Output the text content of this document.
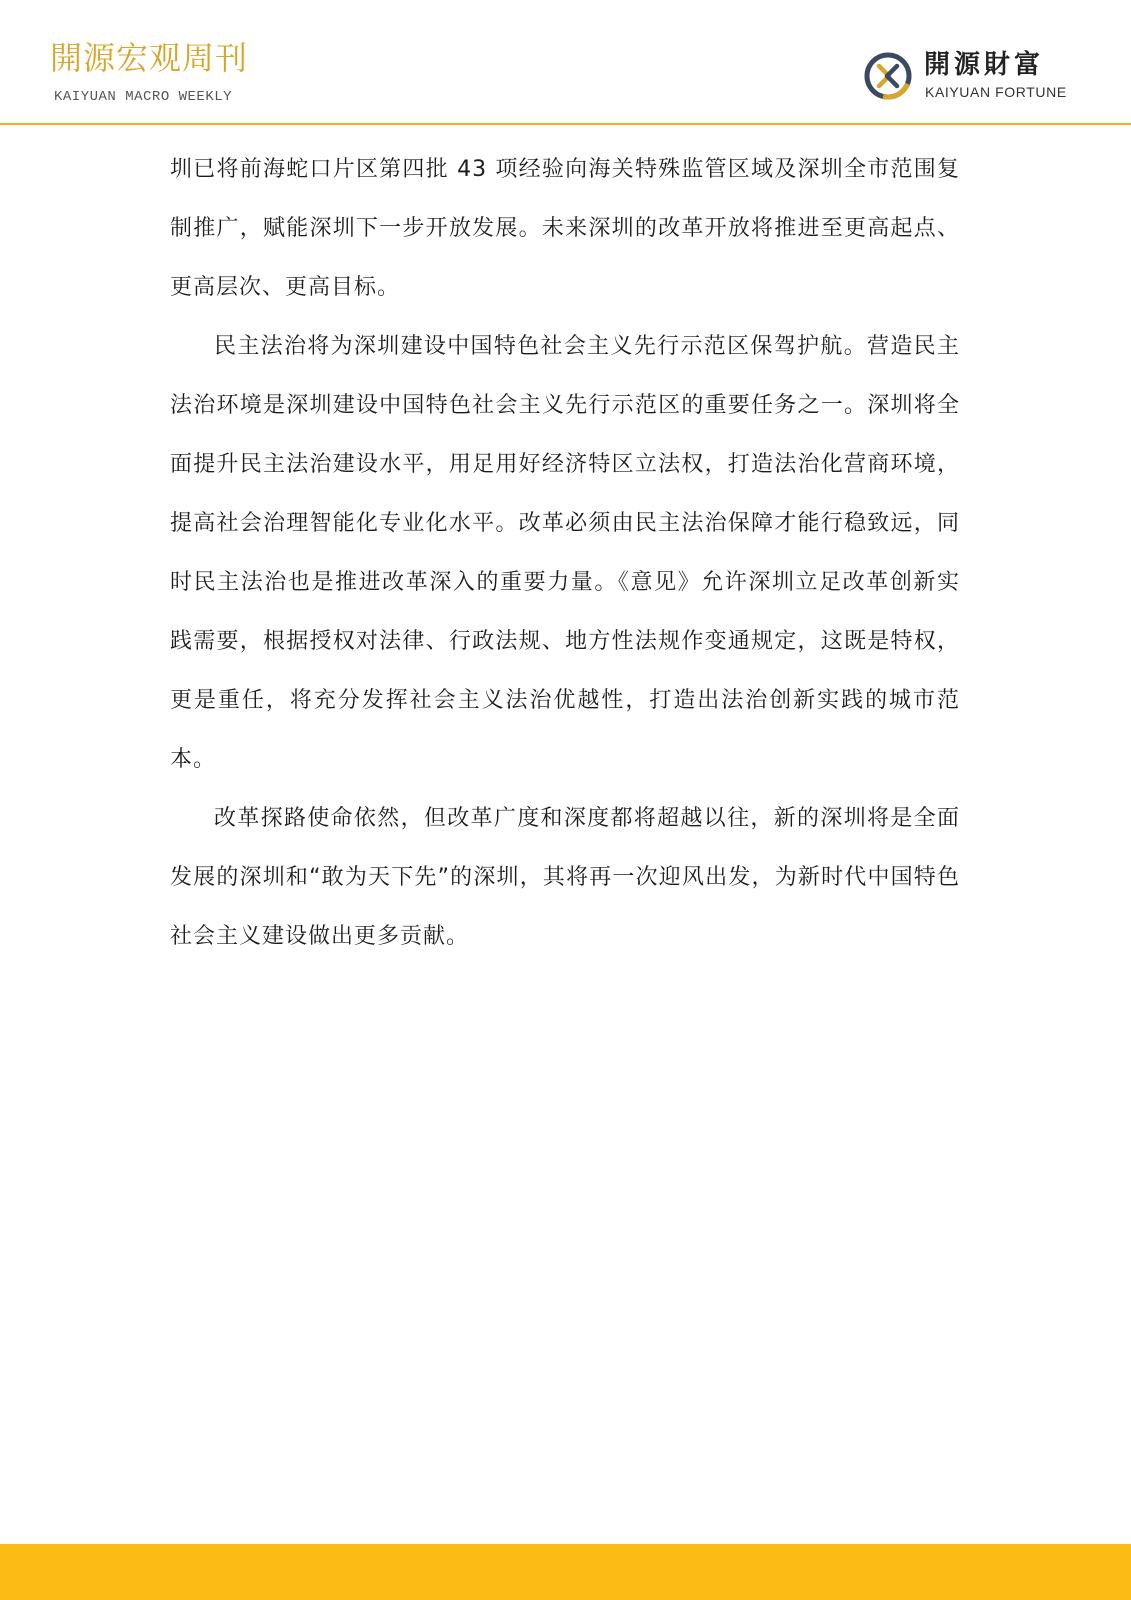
開源宏观周刊
KAIYUAN MACRO WEEKLY
開源財富
KAIYUAN FORTUNE

圳已将前海蛇口片区第四批 43 项经验向海关特殊监管区域及深圳全市范围复制推广，赋能深圳下一步开放发展。未来深圳的改革开放将推进至更高起点、更高层次、更高目标。

民主法治将为深圳建设中国特色社会主义先行示范区保驾护航。营造民主法治环境是深圳建设中国特色社会主义先行示范区的重要任务之一。深圳将全面提升民主法治建设水平，用足用好经济特区立法权，打造法治化营商环境，提高社会治理智能化专业化水平。改革必须由民主法治保障才能行稳致远，同时民主法治也是推进改革深入的重要力量。《意见》允许深圳立足改革创新实践需要，根据授权对法律、行政法规、地方性法规作变通规定，这既是特权，更是重任，将充分发挥社会主义法治优越性，打造出法治创新实践的城市范本。

改革探路使命依然，但改革广度和深度都将超越以往，新的深圳将是全面发展的深圳和“敢为天下先”的深圳，其将再一次迎风出发，为新时代中国特色社会主义建设做出更多贡献。
